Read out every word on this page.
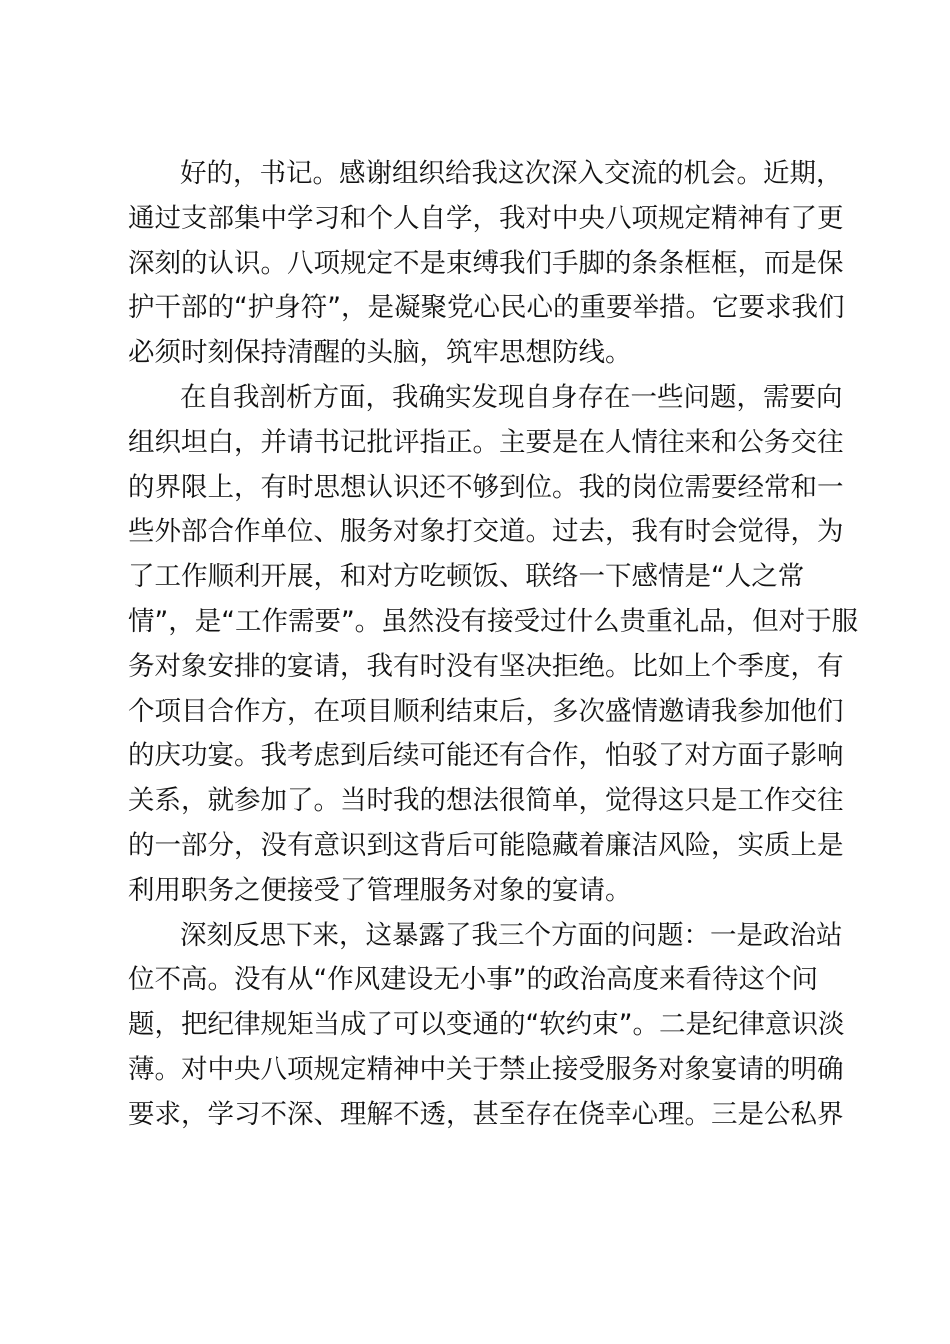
好的，书记。感谢组织给我这次深入交流的机会。近期，
通过支部集中学习和个人自学，我对中央八项规定精神有了更
深刻的认识。八项规定不是束缚我们手脚的条条框框，而是保
护干部的“护身符”，是凝聚党心民心的重要举措。它要求我们
必须时刻保持清醒的头脑，筑牢思想防线。
在自我剖析方面，我确实发现自身存在一些问题，需要向
组织坦白，并请书记批评指正。主要是在人情往来和公务交往
的界限上，有时思想认识还不够到位。我的岗位需要经常和一
些外部合作单位、服务对象打交道。过去，我有时会觉得，为
了工作顺利开展，和对方吃顿饭、联络一下感情是“人之常
情”，是“工作需要”。虽然没有接受过什么贵重礼品，但对于服
务对象安排的宴请，我有时没有坚决拒绝。比如上个季度，有
个项目合作方，在项目顺利结束后，多次盛情邀请我参加他们
的庆功宴。我考虑到后续可能还有合作，怕驳了对方面子影响
关系，就参加了。当时我的想法很简单，觉得这只是工作交往
的一部分，没有意识到这背后可能隐藏着廉洁风险，实质上是
利用职务之便接受了管理服务对象的宴请。
深刻反思下来，这暴露了我三个方面的问题：一是政治站
位不高。没有从“作风建设无小事”的政治高度来看待这个问
题，把纪律规矩当成了可以变通的“软约束”。二是纪律意识淡
薄。对中央八项规定精神中关于禁止接受服务对象宴请的明确
要求，学习不深、理解不透，甚至存在侥幸心理。三是公私界
